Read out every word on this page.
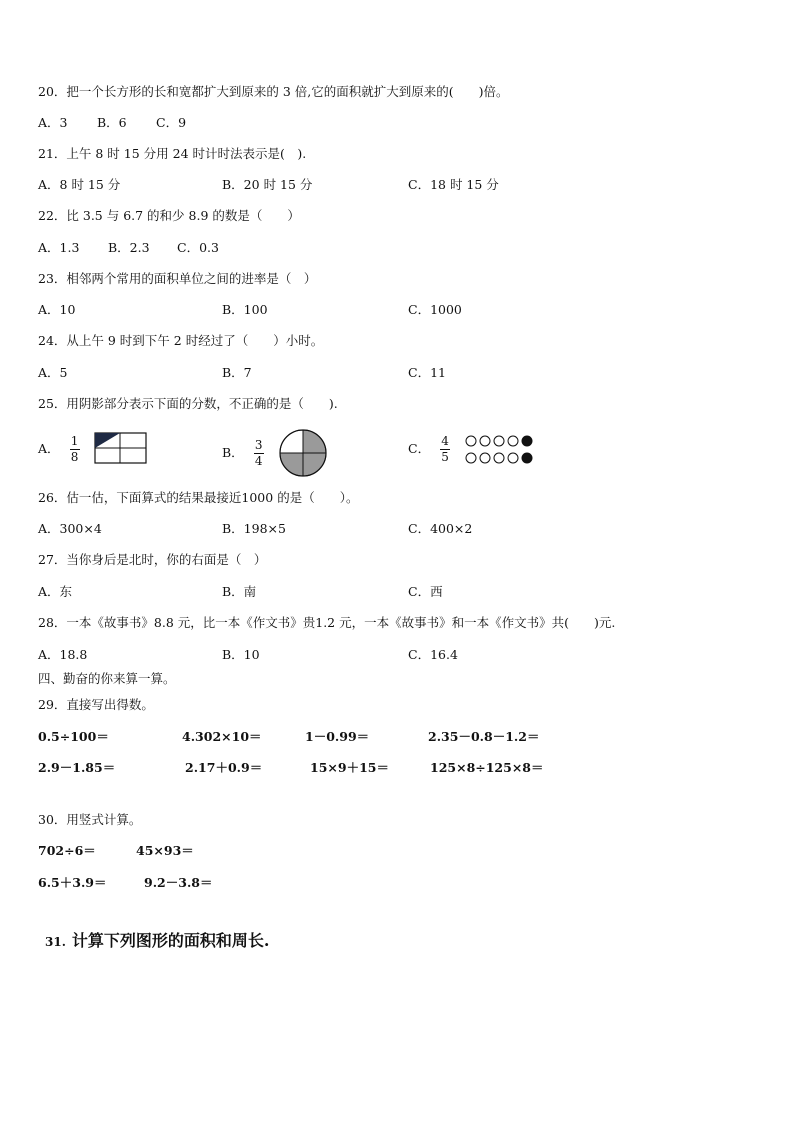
20．把一个长方形的长和宽都扩大到原来的 3 倍,它的面积就扩大到原来的(　　)倍。
A．3 B．6 C．9
21．上午 8 时 15 分用 24 时计时法表示是(　).
A．8 时 15 分	B．20 时 15 分	C．18 时 15 分
22．比 3.5 与 6.7 的和少 8.9 的数是（　　）
A．1.3 B．2.3 C．0.3
23．相邻两个常用的面积单位之间的进率是（　）
A．10	B．100	C．1000
24．从上午 9 时到下午 2 时经过了（　　）小时。
A．5	B．7	C．11
25．用阴影部分表示下面的分数，不正确的是（　　).
A． $\frac{1}{8}$	B． $\frac{3}{4}$	C． $\frac{4}{5}$
26．估一估，下面算式的结果最接近1000 的是（　　）。
A．300×4	B．198×5	C．400×2
27．当你身后是北时，你的右面是（　）
A．东	B．南	C．西
28．一本《故事书》8.8 元，比一本《作文书》贵1.2 元，一本《故事书》和一本《作文书》共(　　)元.
A．18.8	B．10	C．16.4
四、勤奋的你来算一算。
29．直接写出得数。
0.5÷100＝	4.302×10＝	1－0.99＝	2.35－0.8－1.2＝
2.9－1.85＝	2.17＋0.9＝	15×9＋15＝	125×8÷125×8＝
30．用竖式计算。
702÷6＝	45×93＝
6.5＋3.9＝	9.2－3.8＝
31. 计算下列图形的面积和周长.
